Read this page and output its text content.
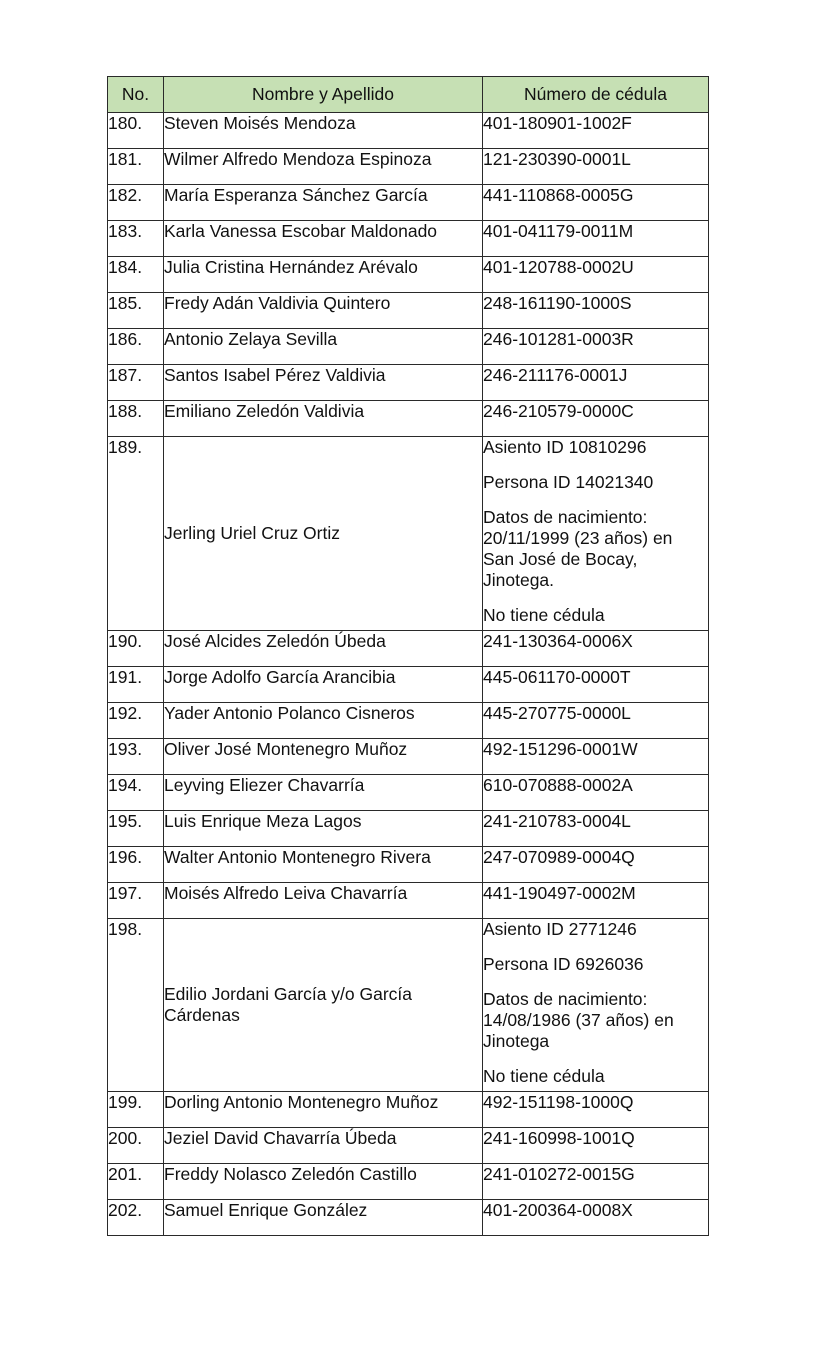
No.	Nombre y Apellido	Número de cédula
180.	Steven Moisés Mendoza	401-180901-1002F
181.	Wilmer Alfredo Mendoza Espinoza	121-230390-0001L
182.	María Esperanza Sánchez García	441-110868-0005G
183.	Karla Vanessa Escobar Maldonado	401-041179-0011M
184.	Julia Cristina Hernández Arévalo	401-120788-0002U
185.	Fredy Adán Valdivia Quintero	248-161190-1000S
186.	Antonio Zelaya Sevilla	246-101281-0003R
187.	Santos Isabel Pérez Valdivia	246-211176-0001J
188.	Emiliano Zeledón Valdivia	246-210579-0000C
189.	Jerling Uriel Cruz Ortiz	Asiento ID 10810296

Persona ID 14021340

Datos de nacimiento: 20/11/1999 (23 años) en San José de Bocay, Jinotega.

No tiene cédula

190.	José Alcides Zeledón Úbeda	241-130364-0006X
191.	Jorge Adolfo García Arancibia	445-061170-0000T
192.	Yader Antonio Polanco Cisneros	445-270775-0000L
193.	Oliver José Montenegro Muñoz	492-151296-0001W
194.	Leyving Eliezer Chavarría	610-070888-0002A
195.	Luis Enrique Meza Lagos	241-210783-0004L
196.	Walter Antonio Montenegro Rivera	247-070989-0004Q
197.	Moisés Alfredo Leiva Chavarría	441-190497-0002M
198.	Edilio Jordani García y/o García Cárdenas	Asiento ID 2771246

Persona ID 6926036

Datos de nacimiento: 14/08/1986 (37 años) en Jinotega

No tiene cédula

199.	Dorling Antonio Montenegro Muñoz	492-151198-1000Q
200.	Jeziel David Chavarría Úbeda	241-160998-1001Q
201.	Freddy Nolasco Zeledón Castillo	241-010272-0015G
202.	Samuel Enrique González	401-200364-0008X
